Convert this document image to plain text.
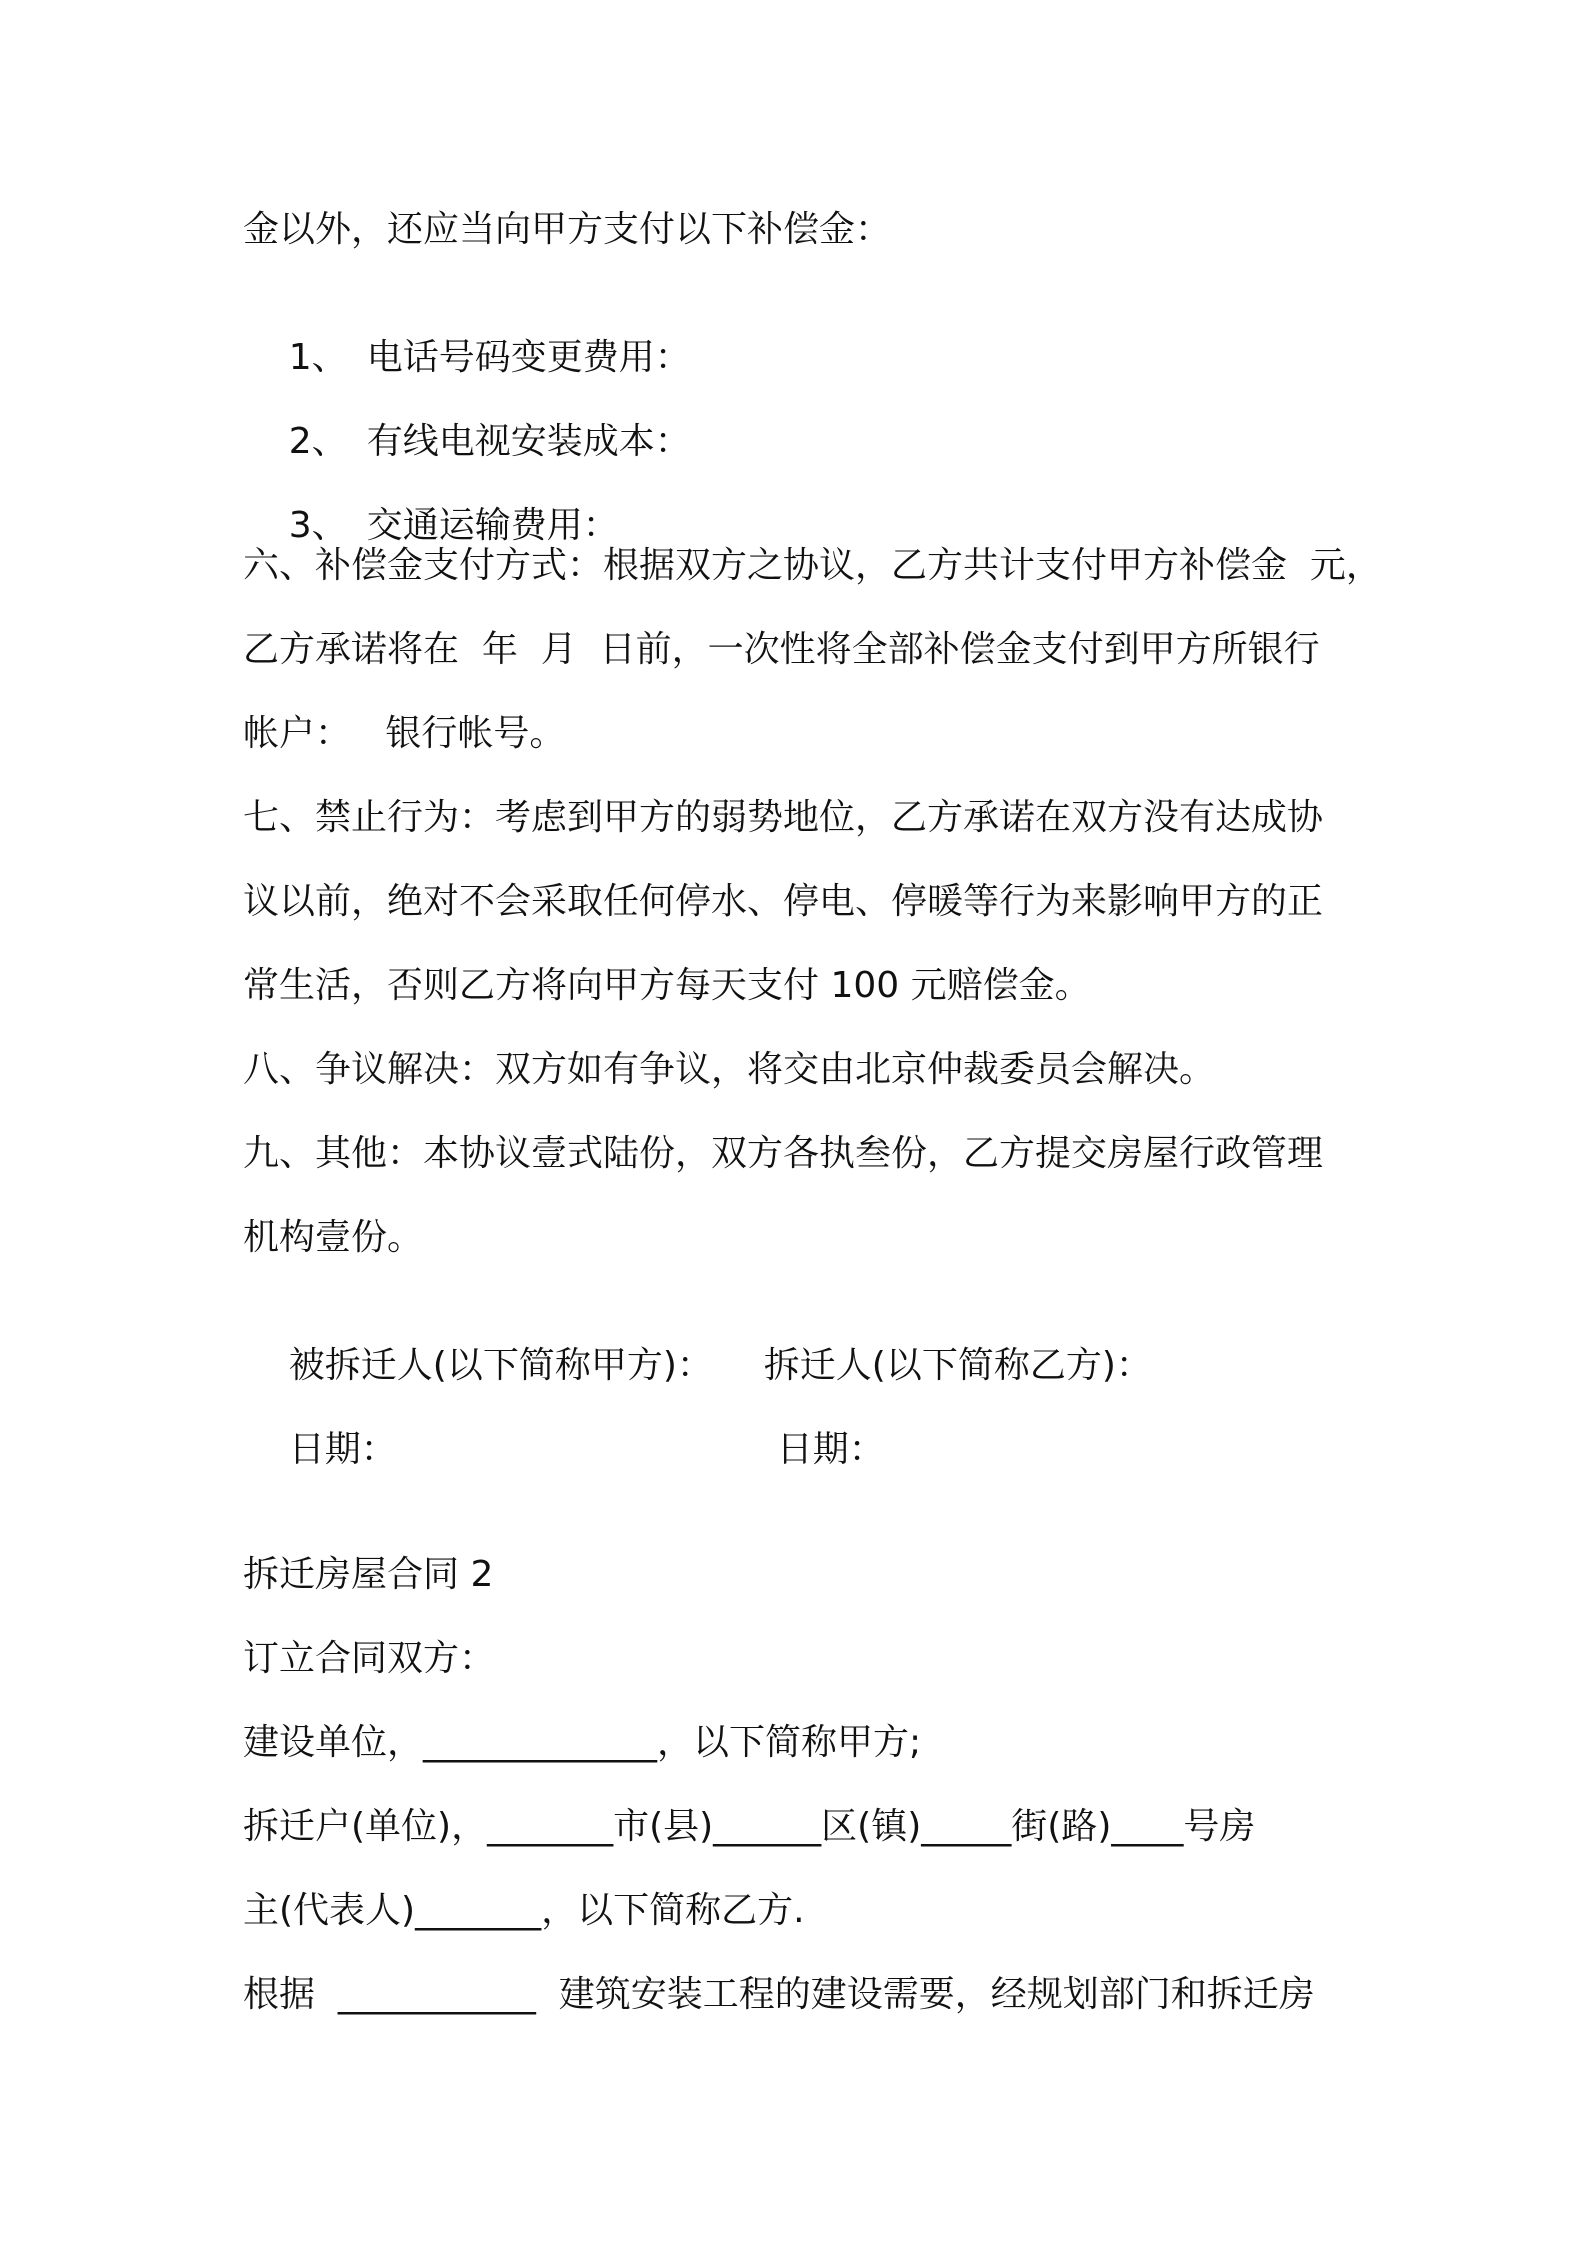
金以外，还应当向甲方支付以下补偿金：

1、 电话号码变更费用：

2、 有线电视安装成本：

3、 交通运输费用：

六、补偿金支付方式：根据双方之协议，乙方共计支付甲方补偿金  元，
乙方承诺将在  年  月  日前，一次性将全部补偿金支付到甲方所银行
帐户：   银行帐号。
七、禁止行为：考虑到甲方的弱势地位，乙方承诺在双方没有达成协
议以前，绝对不会采取任何停水、停电、停暖等行为来影响甲方的正
常生活，否则乙方将向甲方每天支付 100 元赔偿金。
八、争议解决：双方如有争议，将交由北京仲裁委员会解决。
九、其他：本协议壹式陆份，双方各执叁份，乙方提交房屋行政管理
机构壹份。

被拆迁人(以下简称甲方)： 拆迁人(以下简称乙方)：

日期：	日期：

拆迁房屋合同 2
订立合同双方：
建设单位，_____________，以下简称甲方;
拆迁户(单位)，_______市(县)______区(镇)_____街(路)____号房
主(代表人)_______，以下简称乙方.
根据  ___________  建筑安装工程的建设需要，经规划部门和拆迁房
